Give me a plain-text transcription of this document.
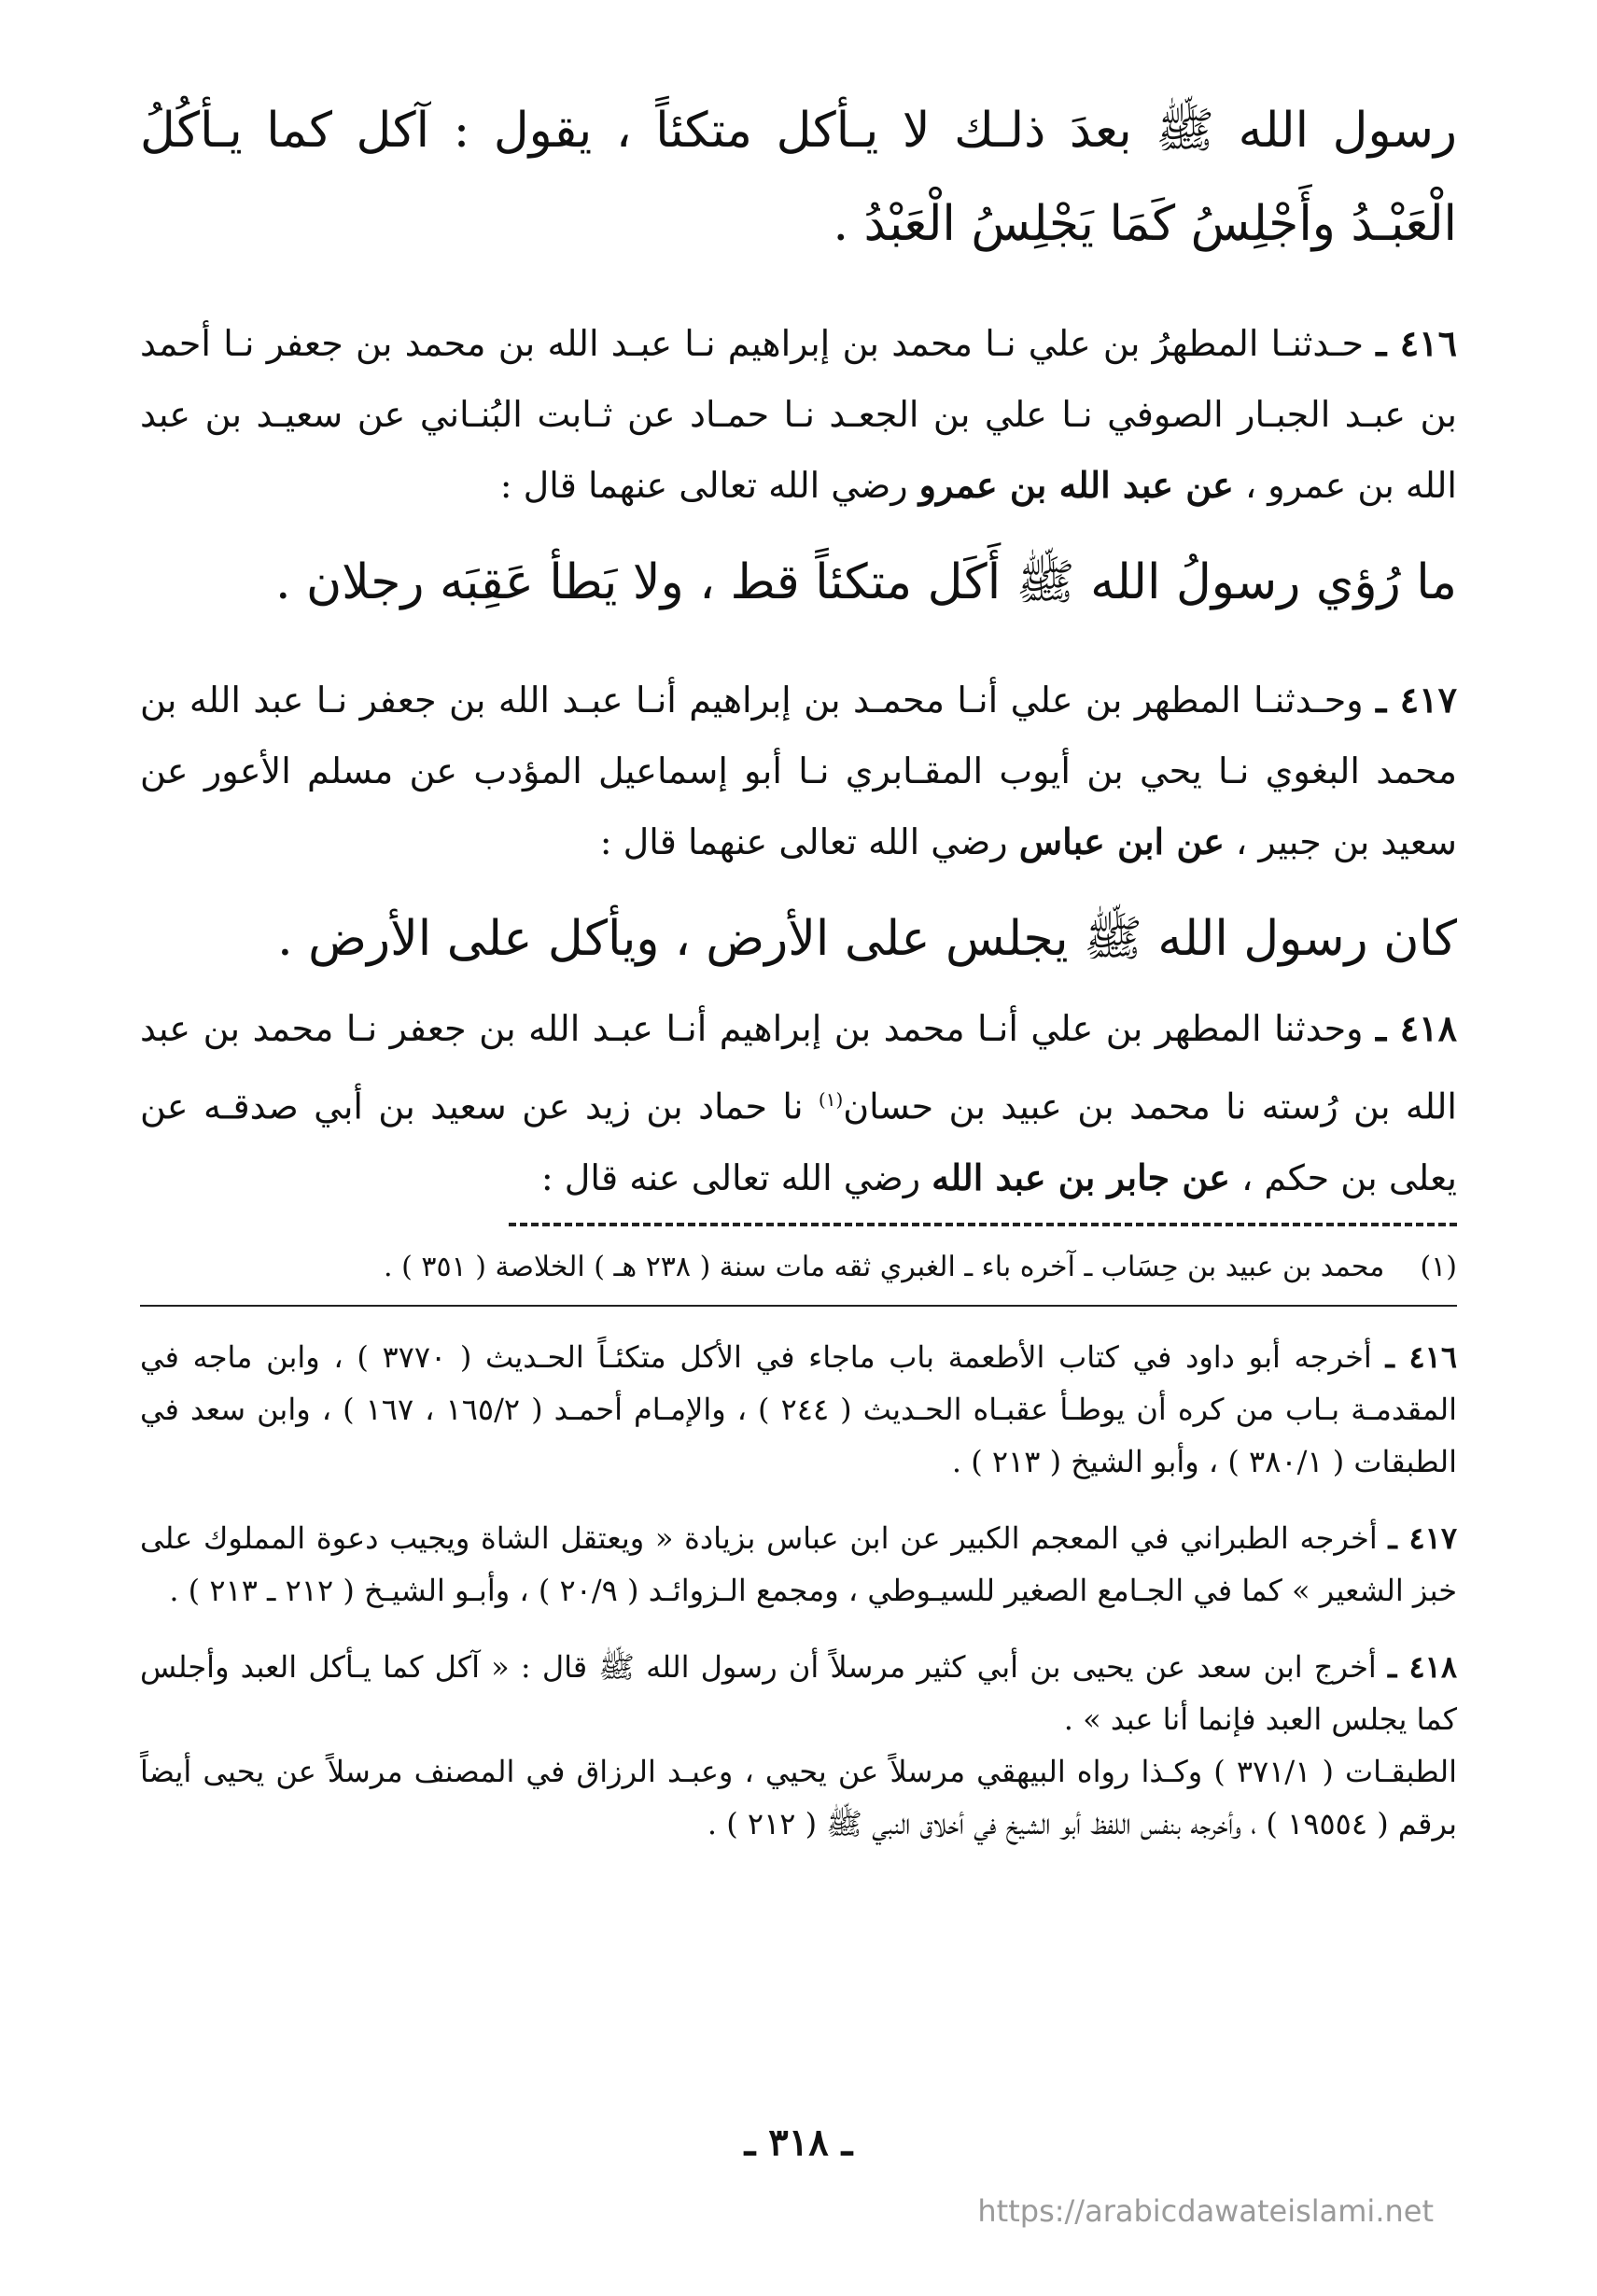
رسول الله ﷺ بعدَ ذلـك لا يـأكل متكئاً ، يقول : آكل كما يـأكُلُ الْعَبْـدُ وأَجْلِسُ كَمَا يَجْلِسُ الْعَبْدُ .

٤١٦ ـ حـدثنـا المطهرُ بن علي نـا محمد بن إبراهيم نـا عبـد الله بن محمد بن جعفر نـا أحمد بن عبـد الجبـار الصوفي نـا علي بن الجعـد نـا حمـاد عن ثـابت البُنـاني عن سعيـد بن عبد الله بن عمرو ، عن عبد الله بن عمرو رضي الله تعالى عنهما قال :

ما رُؤي رسولُ الله ﷺ أَكَل متكئاً قط ، ولا يَطأ عَقِبَه رجلان .

٤١٧ ـ وحـدثنـا المطهر بن علي أنـا محمـد بن إبراهيم أنـا عبـد الله بن جعفر نـا عبد الله بن محمد البغوي نـا يحي بن أيوب المقـابري نـا أبو إسماعيل المؤدب عن مسلم الأعور عن سعيد بن جبير ، عن ابن عباس رضي الله تعالى عنهما قال :

كان رسول الله ﷺ يجلس على الأرض ، ويأكل على الأرض .

٤١٨ ـ وحدثنا المطهر بن علي أنـا محمد بن إبراهيم أنـا عبـد الله بن جعفر نـا محمد بن عبد الله بن رُسته نا محمد بن عبيد بن حسان$^{(١)}$ نا حماد بن زيد عن سعيد بن أبي صدقـه عن يعلى بن حكم ، عن جابر بن عبد الله رضي الله تعالى عنه قال :

(١)    محمد بن عبيد بن حِسَاب ـ آخره باء ـ الغبري ثقه مات سنة ( ٢٣٨ هـ ) الخلاصة ( ٣٥١ ) .

٤١٦ ـ أخرجه أبو داود في كتاب الأطعمة باب ماجاء في الأكل متكئـاً الحـديث ( ٣٧٧٠ ) ، وابن ماجه في المقدمـة بـاب من كره أن يوطـأ عقبـاه الحـديث ( ٢٤٤ ) ، والإمـام أحمـد ( ١٦٥/٢ ، ١٦٧ ) ، وابن سعد في الطبقات ( ٣٨٠/١ ) ، وأبو الشيخ ( ٢١٣ ) .

٤١٧ ـ أخرجه الطبراني في المعجم الكبير عن ابن عباس بزيادة « ويعتقل الشاة ويجيب دعوة المملوك على خبز الشعير » كما في الجـامع الصغير للسيـوطي ، ومجمع الـزوائـد ( ٢٠/٩ ) ، وأبـو الشيـخ ( ٢١٢ ـ ٢١٣ ) .

٤١٨ ـ أخرج ابن سعد عن يحيى بن أبي كثير مرسلاً أن رسول الله ﷺ قال : « آكل كما يـأكل العبد وأجلس كما يجلس العبد فإنما أنا عبد » .

الطبقـات ( ٣٧١/١ ) وكـذا رواه البيهقي مرسلاً عن يحيي ، وعبـد الرزاق في المصنف مرسلاً عن يحيى أيضاً برقم ( ١٩٥٥٤ ) ، وأخرجه بنفس اللفظ أبو الشيخ في أخلاق النبي ﷺ ( ٢١٢ ) .

ـ ٣١٨ ـ
https://arabicdawateislami.net
